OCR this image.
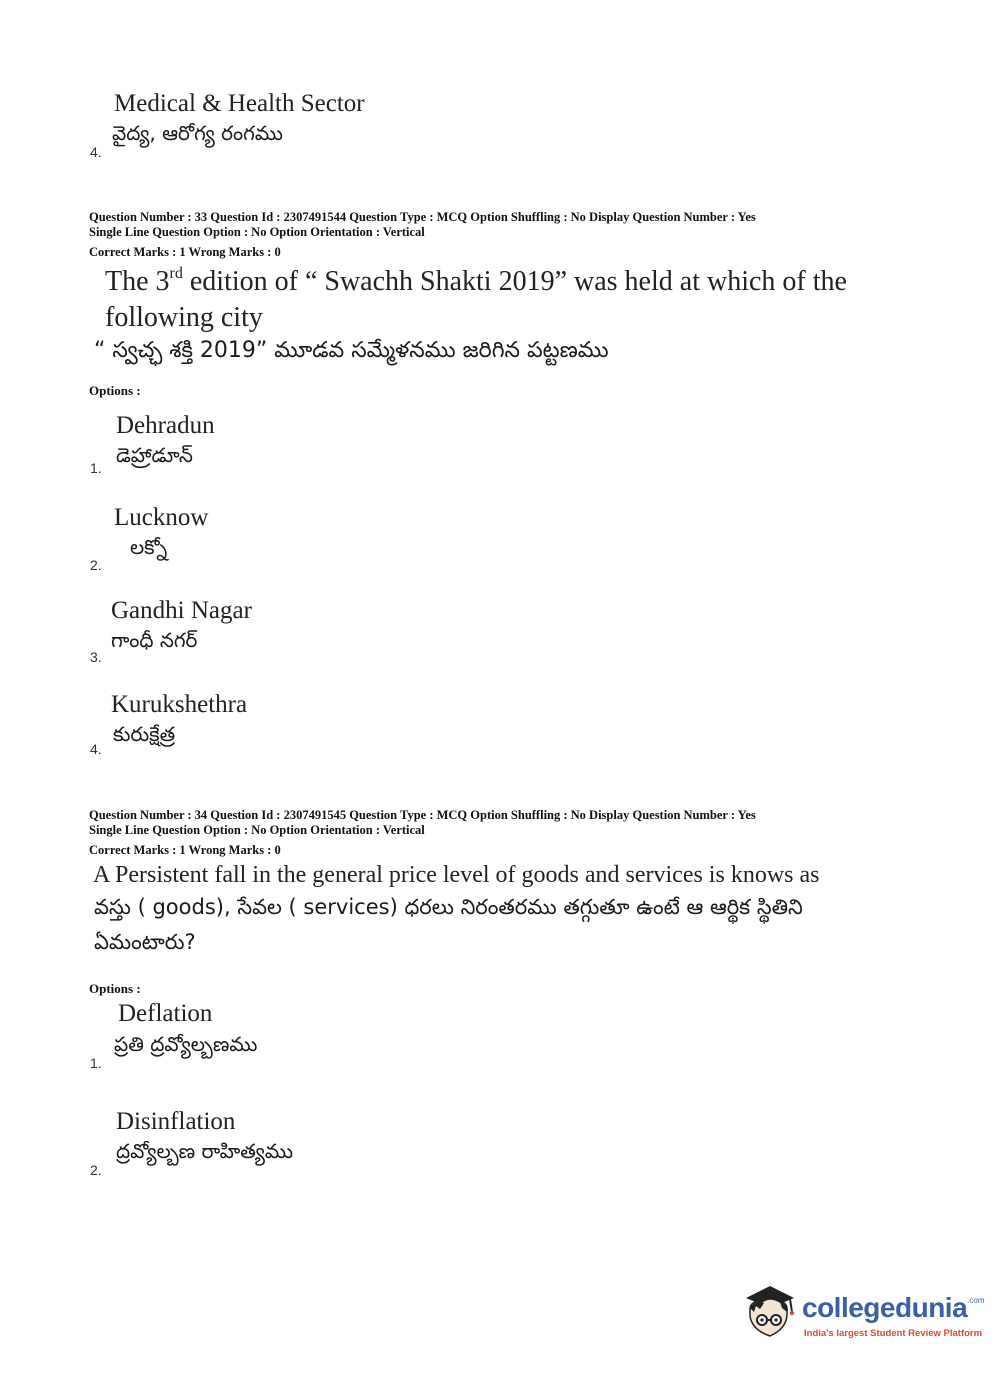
Medical & Health Sector
వైద్య, ఆరోగ్య రంగము
4.
Question Number : 33 Question Id : 2307491544 Question Type : MCQ Option Shuffling : No Display Question Number : Yes
Single Line Question Option : No Option Orientation : Vertical
Correct Marks : 1 Wrong Marks : 0
The 3rd edition of “ Swachh Shakti 2019” was held at which of the
following city
“ స్వచ్ఛ శక్తి 2019” మూడవ సమ్మేళనము జరిగిన పట్టణము
Options :
Dehradun
డెహ్రాడూన్
1.
Lucknow
లక్నో
2.
Gandhi Nagar
గాంధీ నగర్
3.
Kurukshethra
కురుక్షేత్ర
4.
Question Number : 34 Question Id : 2307491545 Question Type : MCQ Option Shuffling : No Display Question Number : Yes
Single Line Question Option : No Option Orientation : Vertical
Correct Marks : 1 Wrong Marks : 0
A Persistent fall in the general price level of goods and services is knows as
వస్తు ( goods), సేవల ( services) ధరలు నిరంతరము తగ్గుతూ ఉంటే ఆ ఆర్థిక స్థితిని
ఏమంటారు?
Options :
Deflation
ప్రతి ద్రవ్యోల్బణము
1.
Disinflation
ద్రవ్యోల్బణ రాహిత్యము
2.
collegedunia$^{.com}$
India's largest Student Review Platform
